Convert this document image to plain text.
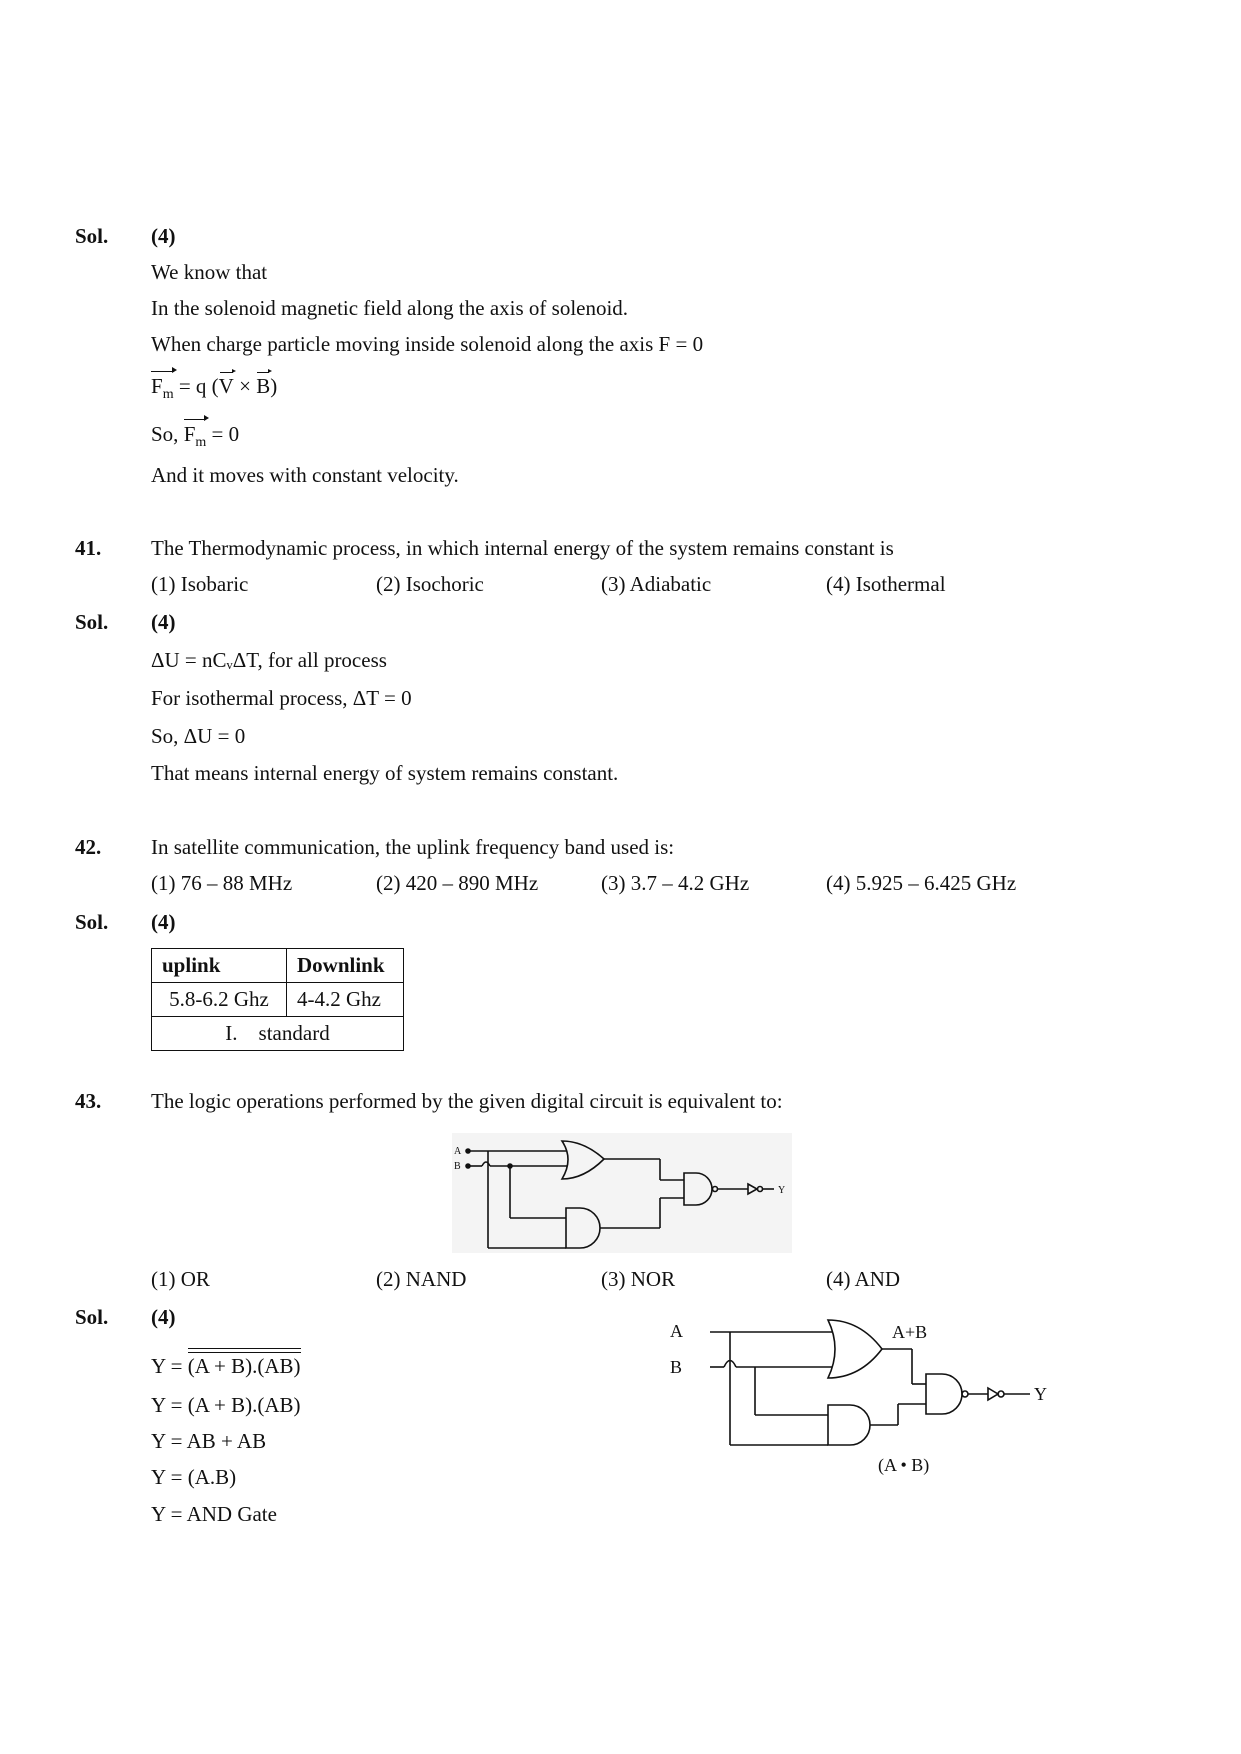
Sol. (4)
We know that
In the solenoid magnetic field along the axis of solenoid.
When charge particle moving inside solenoid along the axis F = 0
$F_m = q$ (V × B)
So, $F_m = 0$
And it moves with constant velocity.
41. The Thermodynamic process, in which internal energy of the system remains constant is
(1) Isobaric	(2) Isochoric	(3) Adiabatic	(4) Isothermal
Sol. (4)
ΔU = nCᵥΔT, for all process
For isothermal process, ΔT = 0
So, ΔU = 0
That means internal energy of system remains constant.
42. In satellite communication, the uplink frequency band used is:
(1) 76 – 88 MHz	(2) 420 – 890 MHz	(3) 3.7 – 4.2 GHz	(4) 5.925 – 6.425 GHz
Sol. (4)
uplink	Downlink
5.8-6.2 Ghz	4-4.2 Ghz
I. standard	
43. The logic operations performed by the given digital circuit is equivalent to:
A
B
Y
(1) OR	(2) NAND	(3) NOR	(4) AND
Sol. (4)
Y = (A + B).(AB)
Y = (A + B).(AB)
Y = AB + AB
Y = (A.B)
Y = AND Gate
A
B
A+B
(A • B)
Y
